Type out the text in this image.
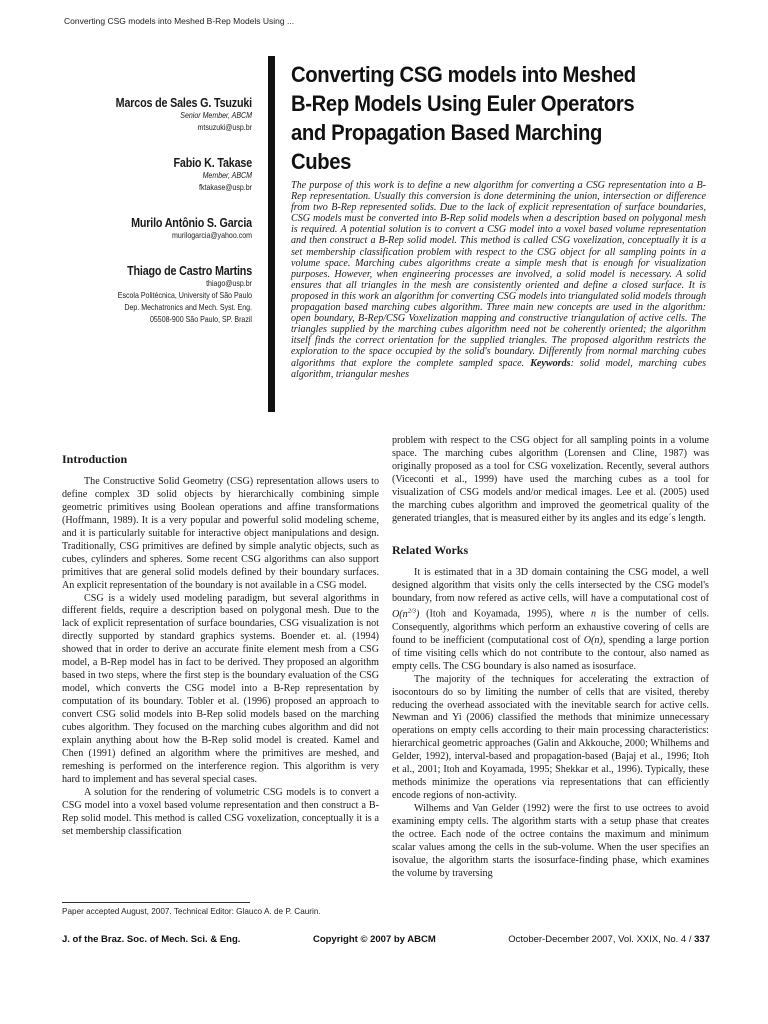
Converting CSG models into Meshed B-Rep Models Using ...
Marcos de Sales G. Tsuzuki
Senior Member, ABCM
mtsuzuki@usp.br
Fabio K. Takase
Member, ABCM
fktakase@usp.br
Murilo Antônio S. Garcia
murilogarcia@yahoo.com
Thiago de Castro Martins
thiago@usp.br
Escola Politécnica, University of São Paulo
Dep. Mechatronics and Mech. Syst. Eng.
05508-900 São Paulo, SP. Brazil
Converting CSG models into Meshed
B-Rep Models Using Euler Operators
and Propagation Based Marching
Cubes
The purpose of this work is to define a new algorithm for converting a CSG representation into a B-Rep representation. Usually this conversion is done determining the union, intersection or difference from two B-Rep represented solids. Due to the lack of explicit representation of surface boundaries, CSG models must be converted into B-Rep solid models when a description based on polygonal mesh is required. A potential solution is to convert a CSG model into a voxel based volume representation and then construct a B-Rep solid model. This method is called CSG voxelization, conceptually it is a set membership classification problem with respect to the CSG object for all sampling points in a volume space. Marching cubes algorithms create a simple mesh that is enough for visualization purposes. However, when engineering processes are involved, a solid model is necessary. A solid ensures that all triangles in the mesh are consistently oriented and define a closed surface. It is proposed in this work an algorithm for converting CSG models into triangulated solid models through propagation based marching cubes algorithm. Three main new concepts are used in the algorithm: open boundary, B-Rep/CSG Voxelization mapping and constructive triangulation of active cells. The triangles supplied by the marching cubes algorithm need not be coherently oriented; the algorithm itself finds the correct orientation for the supplied triangles. The proposed algorithm restricts the exploration to the space occupied by the solid's boundary. Differently from normal marching cubes algorithms that explore the complete sampled space. Keywords: solid model, marching cubes algorithm, triangular meshes
Introduction

The Constructive Solid Geometry (CSG) representation allows users to define complex 3D solid objects by hierarchically combining simple geometric primitives using Boolean operations and affine transformations (Hoffmann, 1989). It is a very popular and powerful solid modeling scheme, and it is particularly suitable for interactive object manipulations and design. Traditionally, CSG primitives are defined by simple analytic objects, such as cubes, cylinders and spheres. Some recent CSG algorithms can also support primitives that are general solid models defined by their boundary surfaces. An explicit representation of the boundary is not available in a CSG model.

CSG is a widely used modeling paradigm, but several algorithms in different fields, require a description based on polygonal mesh. Due to the lack of explicit representation of surface boundaries, CSG visualization is not directly supported by standard graphics systems. Boender et. al. (1994) showed that in order to derive an accurate finite element mesh from a CSG model, a B-Rep model has in fact to be derived. They proposed an algorithm based in two steps, where the first step is the boundary evaluation of the CSG model, which converts the CSG model into a B-Rep representation by computation of its boundary. Tobler et al. (1996) proposed an approach to convert CSG solid models into B-Rep solid models based on the marching cubes algorithm. They focused on the marching cubes algorithm and did not explain anything about how the B-Rep solid model is created. Kamel and Chen (1991) defined an algorithm where the primitives are meshed, and remeshing is performed on the interference region. This algorithm is very hard to implement and has several special cases.

A solution for the rendering of volumetric CSG models is to convert a CSG model into a voxel based volume representation and then construct a B-Rep solid model. This method is called CSG voxelization, conceptually it is a set membership classification

problem with respect to the CSG object for all sampling points in a volume space. The marching cubes algorithm (Lorensen and Cline, 1987) was originally proposed as a tool for CSG voxelization. Recently, several authors (Viceconti et al., 1999) have used the marching cubes as a tool for visualization of CSG models and/or medical images. Lee et al. (2005) used the marching cubes algorithm and improved the geometrical quality of the generated triangles, that is measured either by its angles and its edge´s length.

Related Works

It is estimated that in a 3D domain containing the CSG model, a well designed algorithm that visits only the cells intersected by the CSG model's boundary, from now refered as active cells, will have a computational cost of $O(n^{2/3})$ (Itoh and Koyamada, 1995), where n is the number of cells. Consequently, algorithms which perform an exhaustive covering of cells are found to be inefficient (computational cost of O(n), spending a large portion of time visiting cells which do not contribute to the contour, also named as empty cells. The CSG boundary is also named as isosurface.

The majority of the techniques for accelerating the extraction of isocontours do so by limiting the number of cells that are visited, thereby reducing the overhead associated with the inevitable search for active cells. Newman and Yi (2006) classified the methods that minimize unnecessary operations on empty cells according to their main processing characteristics: hierarchical geometric approaches (Galin and Akkouche, 2000; Whilhems and Gelder, 1992), interval-based and propagation-based (Bajaj et al., 1996; Itoh et al., 2001; Itoh and Koyamada, 1995; Shekkar et al., 1996). Typically, these methods minimize the operations via representations that can efficiently encode regions of non-activity.

Wilhems and Van Gelder (1992) were the first to use octrees to avoid examining empty cells. The algorithm starts with a setup phase that creates the octree. Each node of the octree contains the maximum and minimum scalar values among the cells in the sub-volume. When the user specifies an isovalue, the algorithm starts the isosurface-finding phase, which examines the volume by traversing

Paper accepted August, 2007. Technical Editor: Glauco A. de P. Caurin.
J. of the Braz. Soc. of Mech. Sci. & Eng.	Copyright © 2007 by ABCM	October-December 2007, Vol. XXIX, No. 4 / 337
